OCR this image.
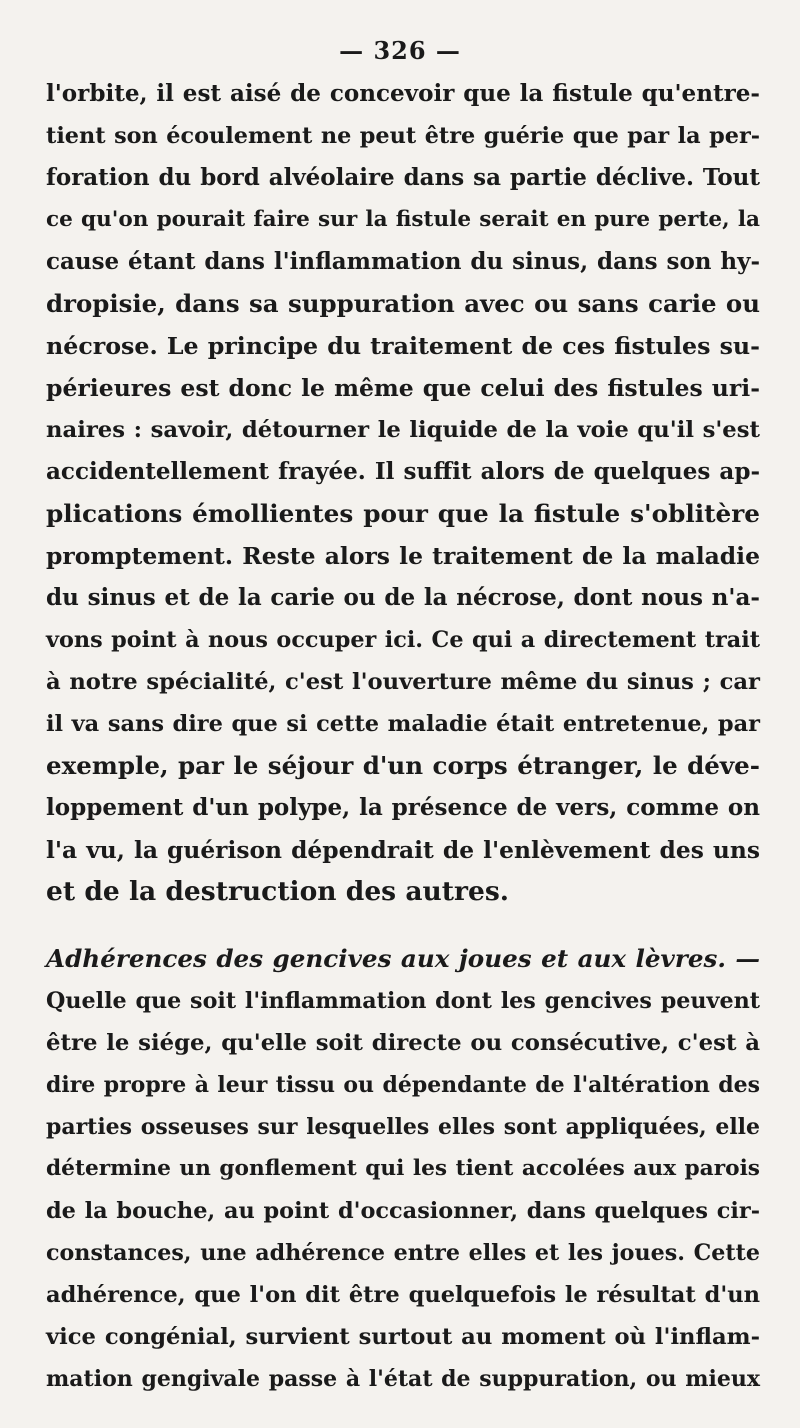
— 326 —
l'orbite, il est aisé de concevoir que la fistule qu'entre-
tient son écoulement ne peut être guérie que par la per-
foration du bord alvéolaire dans sa partie déclive. Tout
ce qu'on pourait faire sur la fistule serait en pure perte, la
cause étant dans l'inflammation du sinus, dans son hy-
dropisie, dans sa suppuration avec ou sans carie ou
nécrose. Le principe du traitement de ces fistules su-
périeures est donc le même que celui des fistules uri-
naires : savoir, détourner le liquide de la voie qu'il s'est
accidentellement frayée. Il suffit alors de quelques ap-
plications émollientes pour que la fistule s'oblitère
promptement. Reste alors le traitement de la maladie
du sinus et de la carie ou de la nécrose, dont nous n'a-
vons point à nous occuper ici. Ce qui a directement trait
à notre spécialité, c'est l'ouverture même du sinus ; car
il va sans dire que si cette maladie était entretenue, par
exemple, par le séjour d'un corps étranger, le déve-
loppement d'un polype, la présence de vers, comme on
l'a vu, la guérison dépendrait de l'enlèvement des uns
et de la destruction des autres.
Adhérences des gencives aux joues et aux lèvres. —
Quelle que soit l'inflammation dont les gencives peuvent
être le siége, qu'elle soit directe ou consécutive, c'est à
dire propre à leur tissu ou dépendante de l'altération des
parties osseuses sur lesquelles elles sont appliquées, elle
détermine un gonflement qui les tient accolées aux parois
de la bouche, au point d'occasionner, dans quelques cir-
constances, une adhérence entre elles et les joues. Cette
adhérence, que l'on dit être quelquefois le résultat d'un
vice congénial, survient surtout au moment où l'inflam-
mation gengivale passe à l'état de suppuration, ou mieux
